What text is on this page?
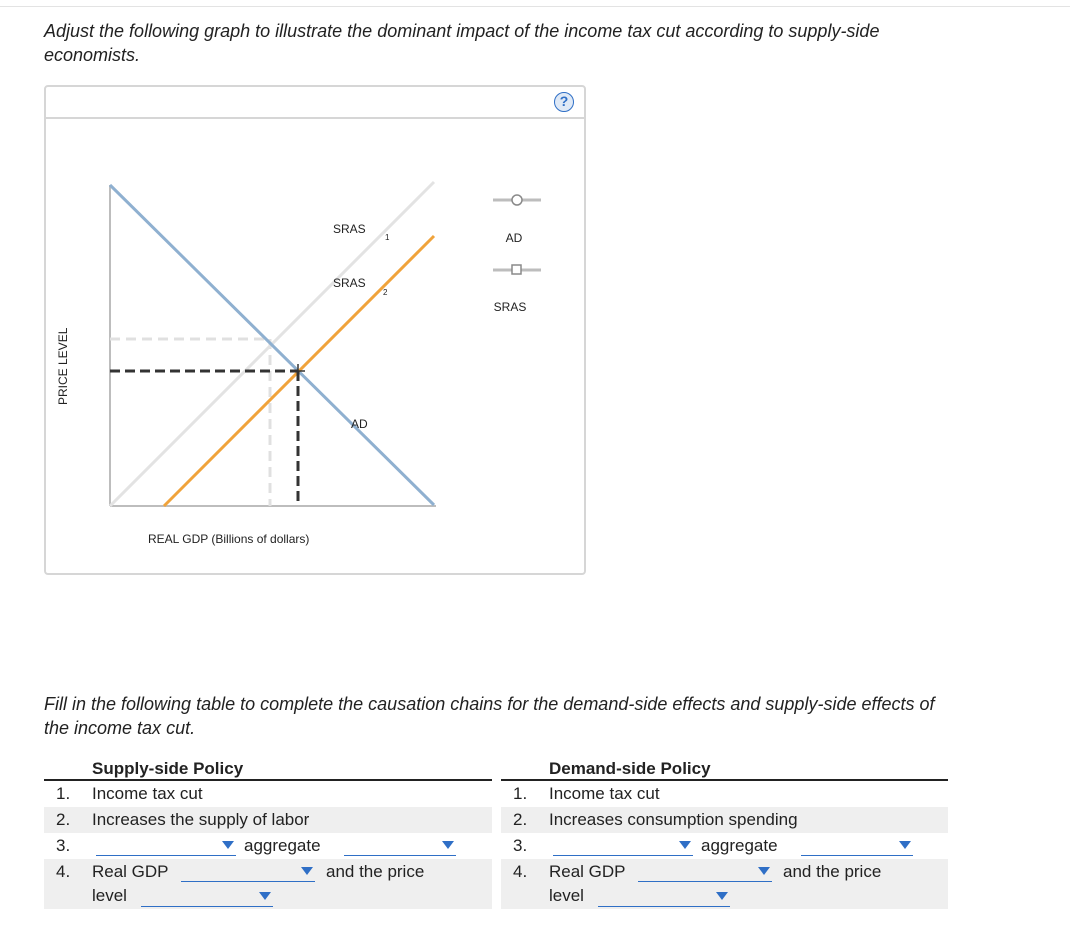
Adjust the following graph to illustrate the dominant impact of the income tax cut according to supply-side economists.
?
SRAS
1
SRAS
2
AD
PRICE LEVEL
REAL GDP (Billions of dollars)
AD
SRAS
Fill in the following table to complete the causation chains for the demand-side effects and supply-side effects of the income tax cut.
Supply-side Policy
1. Income tax cut
2. Increases the supply of labor
3.	aggregate
4. Real GDP	and the price
level
Demand-side Policy
1. Income tax cut
2. Increases consumption spending
3.	aggregate
4. Real GDP	and the price
level
